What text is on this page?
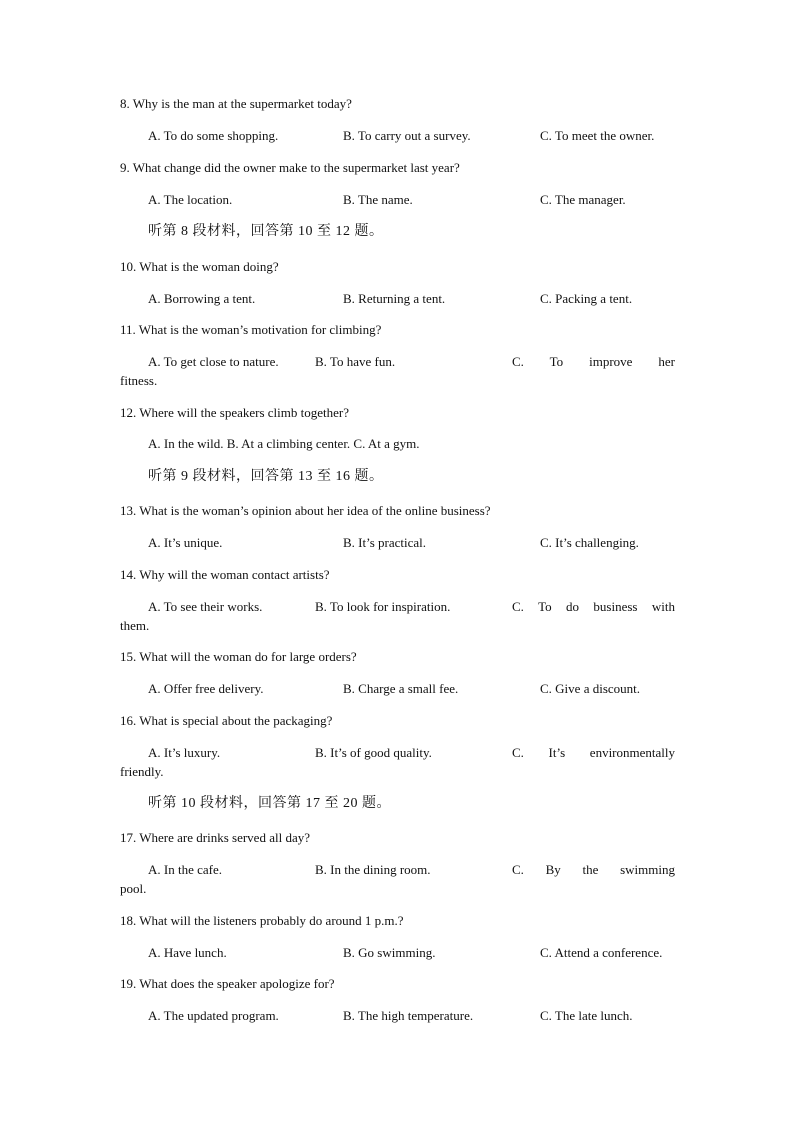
8. Why is the man at the supermarket today?
A. To do some shopping.	B. To carry out a survey.	C. To meet the owner.
9. What change did the owner make to the supermarket last year?
A. The location.	B. The name.	C. The manager.
听第 8 段材料，回答第 10 至 12 题。
10. What is the woman doing?
A. Borrowing a tent.	B. Returning a tent.	C. Packing a tent.
11. What is the woman’s motivation for climbing?
A. To get close to nature.	B. To have fun.	C. To improve her
fitness.
12. Where will the speakers climb together?
A. In the wild. B. At a climbing center. C. At a gym.
听第 9 段材料，回答第 13 至 16 题。
13. What is the woman’s opinion about her idea of the online business?
A. It’s unique.	B. It’s practical.	C. It’s challenging.
14. Why will the woman contact artists?
A. To see their works.	B. To look for inspiration.	C. To do business with
them.
15. What will the woman do for large orders?
A. Offer free delivery.	B. Charge a small fee.	C. Give a discount.
16. What is special about the packaging?
A. It’s luxury.	B. It’s of good quality.	C. It’s environmentally
friendly.
听第 10 段材料，回答第 17 至 20 题。
17. Where are drinks served all day?
A. In the cafe.	B. In the dining room.	C. By the swimming
pool.
18. What will the listeners probably do around 1 p.m.?
A. Have lunch.	B. Go swimming.	C. Attend a conference.
19. What does the speaker apologize for?
A. The updated program.	B. The high temperature.	C. The late lunch.
